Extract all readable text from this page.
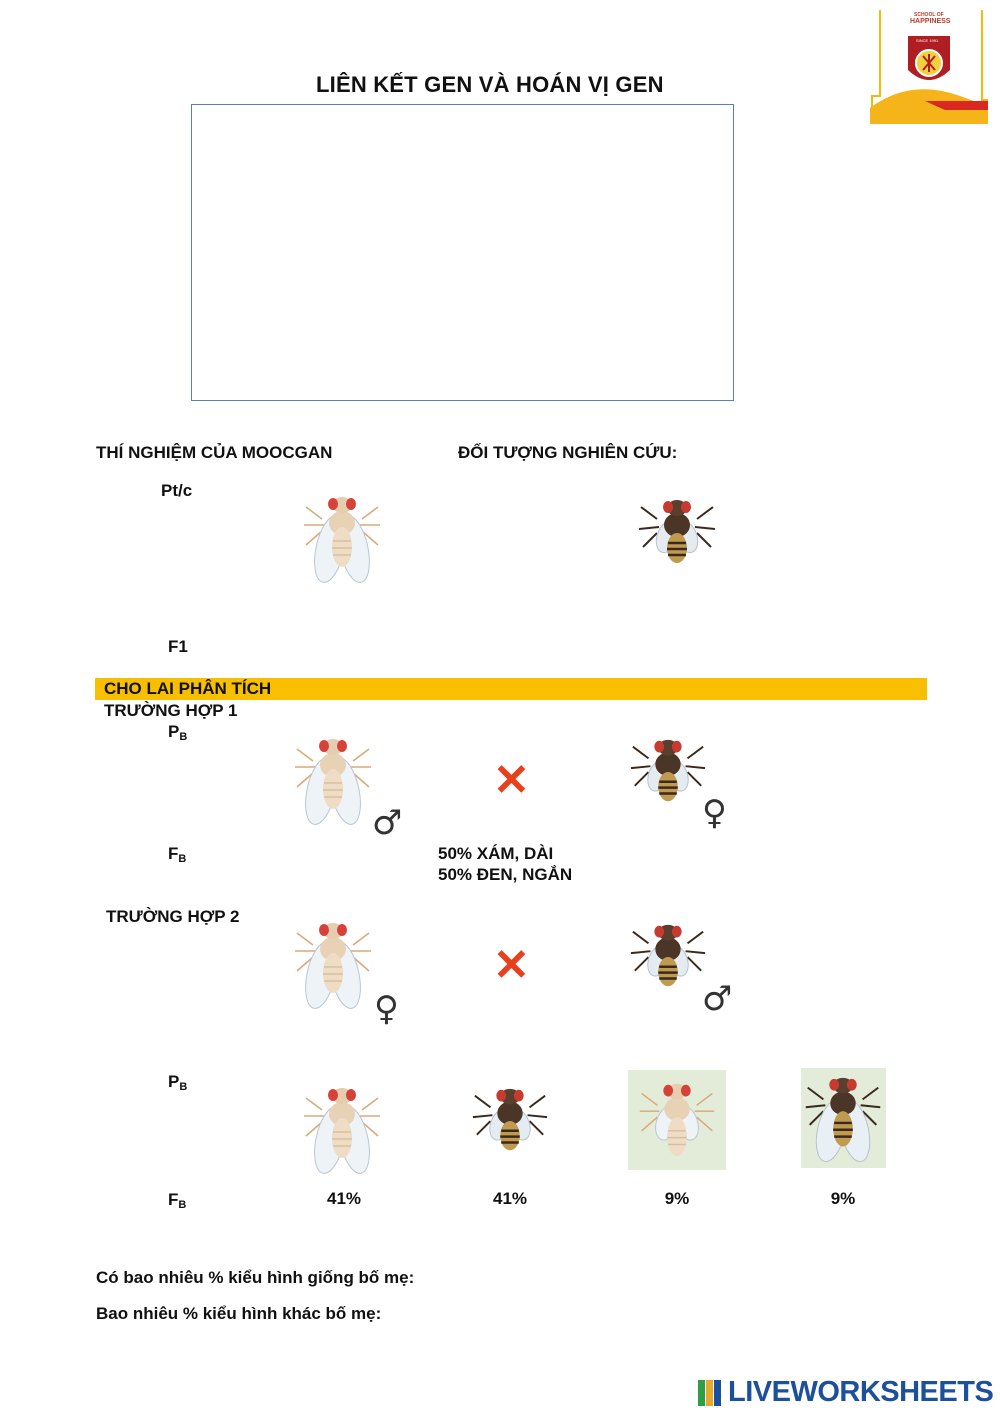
SCHOOL OF
HAPPINESS
SINCE 1991
LIÊN KẾT GEN VÀ HOÁN VỊ GEN
THÍ NGHIỆM CỦA MOOCGAN	ĐỐI TƯỢNG NGHIÊN CỨU:
Pt/c
F1
CHO LAI PHÂN TÍCH
TRƯỜNG HỢP 1
PB
♂
✕
♀
FB	50% XÁM, DÀI
50% ĐEN, NGẮN
TRƯỜNG HỢP 2
♀
✕
♂
PB
FB	41%	41%	9%	9%
Có bao nhiêu % kiểu hình giống bố mẹ:
Bao nhiêu % kiểu hình khác bố mẹ:
LIVEWORKSHEETS
